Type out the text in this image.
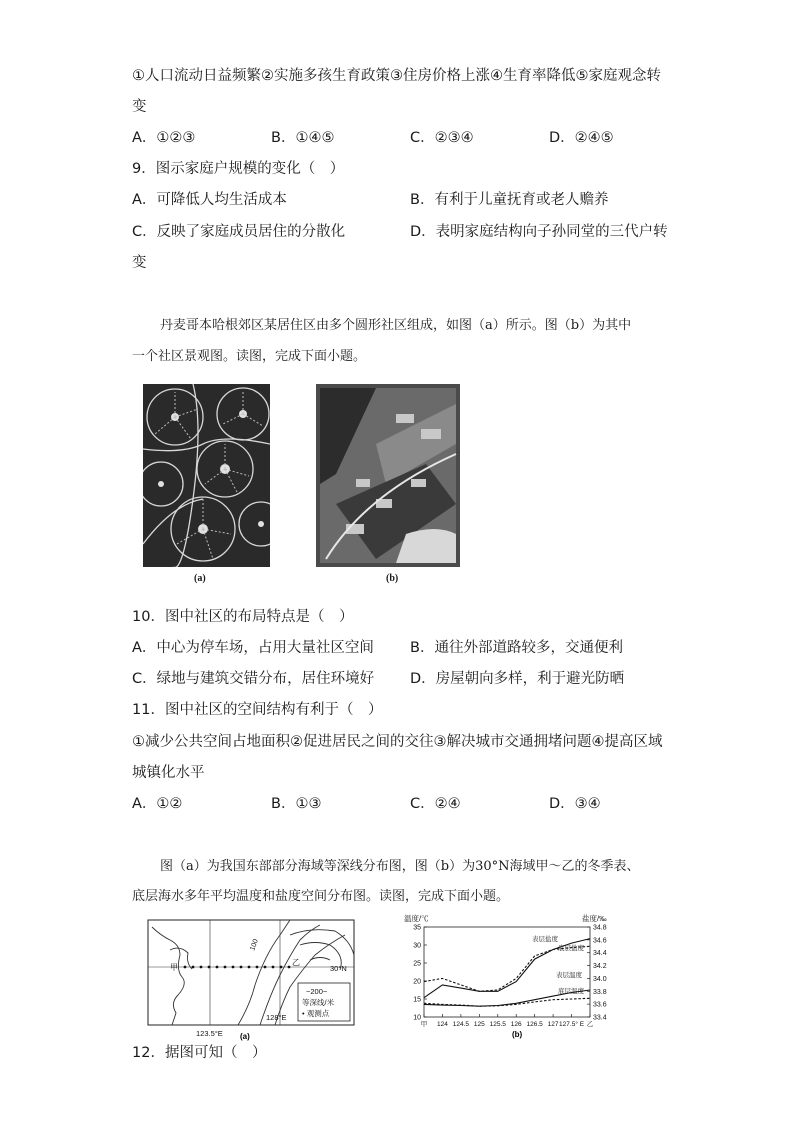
①人口流动日益频繁②实施多孩生育政策③住房价格上涨④生育率降低⑤家庭观念转
变
A．①②③	B．①④⑤	C．②③④	D．②④⑤
9．图示家庭户规模的变化（　）
A．可降低人均生活成本	B．有利于儿童抚育或老人赡养
C．反映了家庭成员居住的分散化	D．表明家庭结构向子孙同堂的三代户转
变
丹麦哥本哈根郊区某居住区由多个圆形社区组成，如图（a）所示。图（b）为其中
一个社区景观图。读图，完成下面小题。
(a)	(b)
10．图中社区的布局特点是（　）
A．中心为停车场，占用大量社区空间 B．通往外部道路较多，交通便利
C．绿地与建筑交错分布，居住环境好 D．房屋朝向多样，利于避光防晒
11．图中社区的空间结构有利于（　）
①减少公共空间占地面积②促进居民之间的交往③解决城市交通拥堵问题④提高区域
城镇化水平
A．①②	B．①③	C．②④	D．③④
图（a）为我国东部部分海域等深线分布图，图（b）为30°N海域甲～乙的冬季表、
底层海水多年平均温度和盐度空间分布图。读图，完成下面小题。
甲
乙
30°N
100
123.5°E
128°E
−200−
等深线/米
• 观测点
(a)
温度/℃	盐度/‰
10
15
20
25
30
35
33.4
33.6
33.8
34.0
34.2
34.4
34.6
34.8
甲 124 124.5 125 125.5 126 126.5 127 127.5° E 乙
表层盐度
底层盐度
表层温度
底层温度
(b)
12．据图可知（　）
